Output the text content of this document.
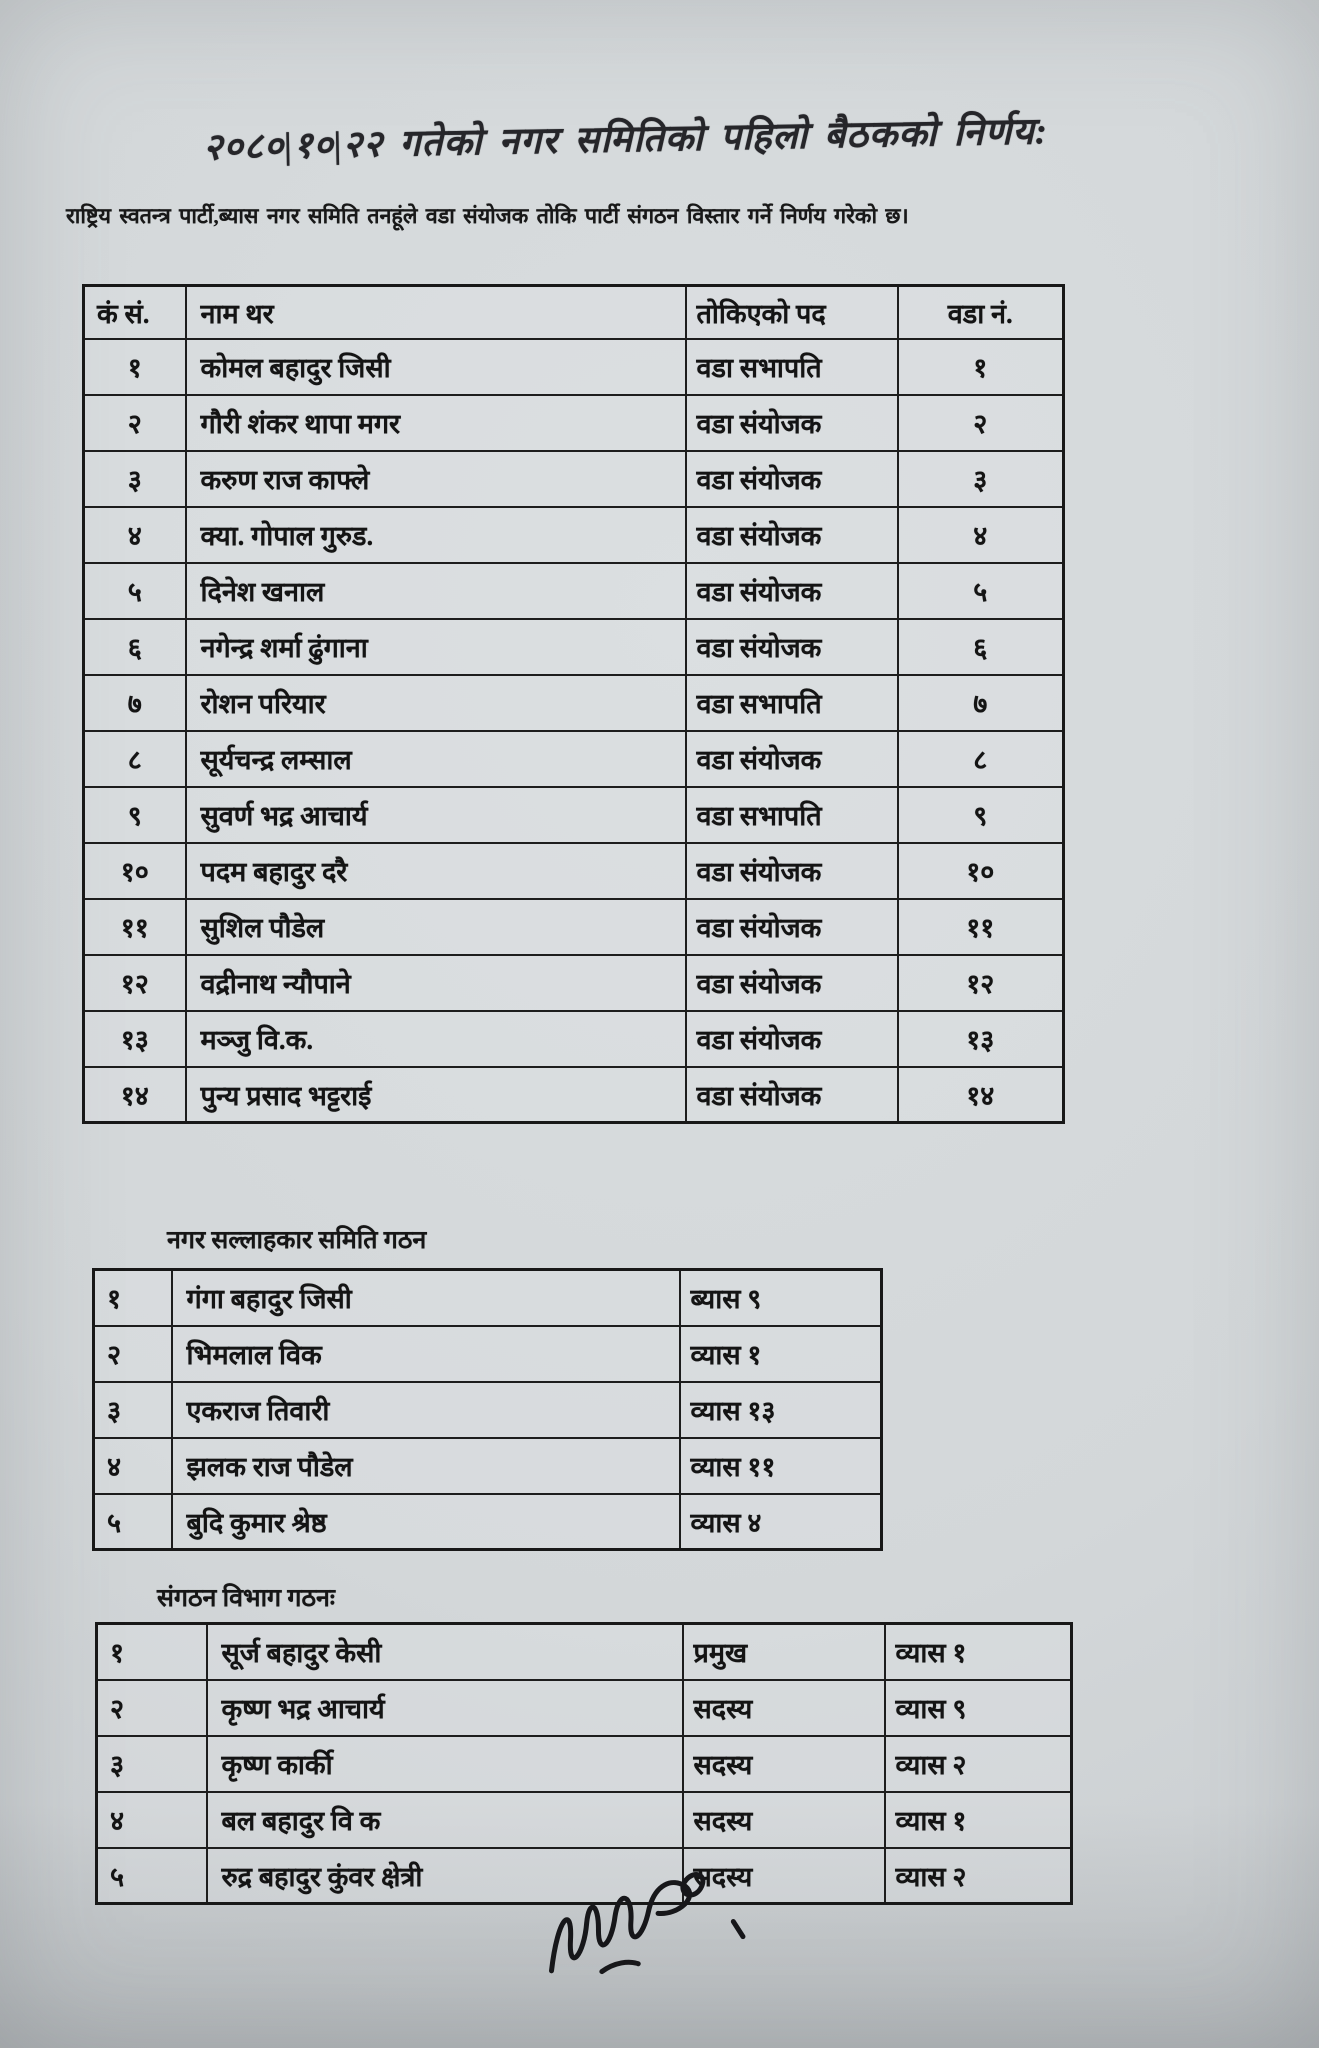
२०८०|१०|२२ गतेको नगर समितिको पहिलो बैठकको निर्णय:
राष्ट्रिय स्वतन्त्र पार्टी,ब्यास नगर समिति तनहूंले वडा संयोजक तोकि पार्टी संगठन विस्तार गर्ने निर्णय गरेको छ।
कं सं.	नाम थर	तोकिएको पद	वडा नं.
१	कोमल बहादुर जिसी	वडा सभापति	१
२	गौरी शंकर थापा मगर	वडा संयोजक	२
३	करुण राज काफ्ले	वडा संयोजक	३
४	क्या. गोपाल गुरुड.	वडा संयोजक	४
५	दिनेश खनाल	वडा संयोजक	५
६	नगेन्द्र शर्मा ढुंगाना	वडा संयोजक	६
७	रोशन परियार	वडा सभापति	७
८	सूर्यचन्द्र लम्साल	वडा संयोजक	८
९	सुवर्ण भद्र आचार्य	वडा सभापति	९
१०	पदम बहादुर दरै	वडा संयोजक	१०
११	सुशिल पौडेल	वडा संयोजक	११
१२	वद्रीनाथ न्यौपाने	वडा संयोजक	१२
१३	मञ्जु वि.क.	वडा संयोजक	१३
१४	पुन्य प्रसाद भट्टराई	वडा संयोजक	१४
नगर सल्लाहकार समिति गठन
१	गंगा बहादुर जिसी	ब्यास ९
२	भिमलाल विक	व्यास १
३	एकराज तिवारी	व्यास १३
४	झलक राज पौडेल	व्यास ११
५	बुदि कुमार श्रेष्ठ	व्यास ४
संगठन विभाग गठनः
१	सूर्ज बहादुर केसी	प्रमुख	व्यास १
२	कृष्ण भद्र आचार्य	सदस्य	व्यास ९
३	कृष्ण कार्की	सदस्य	व्यास २
४	बल बहादुर वि क	सदस्य	व्यास १
५	रुद्र बहादुर कुंवर क्षेत्री	सदस्य	व्यास २
